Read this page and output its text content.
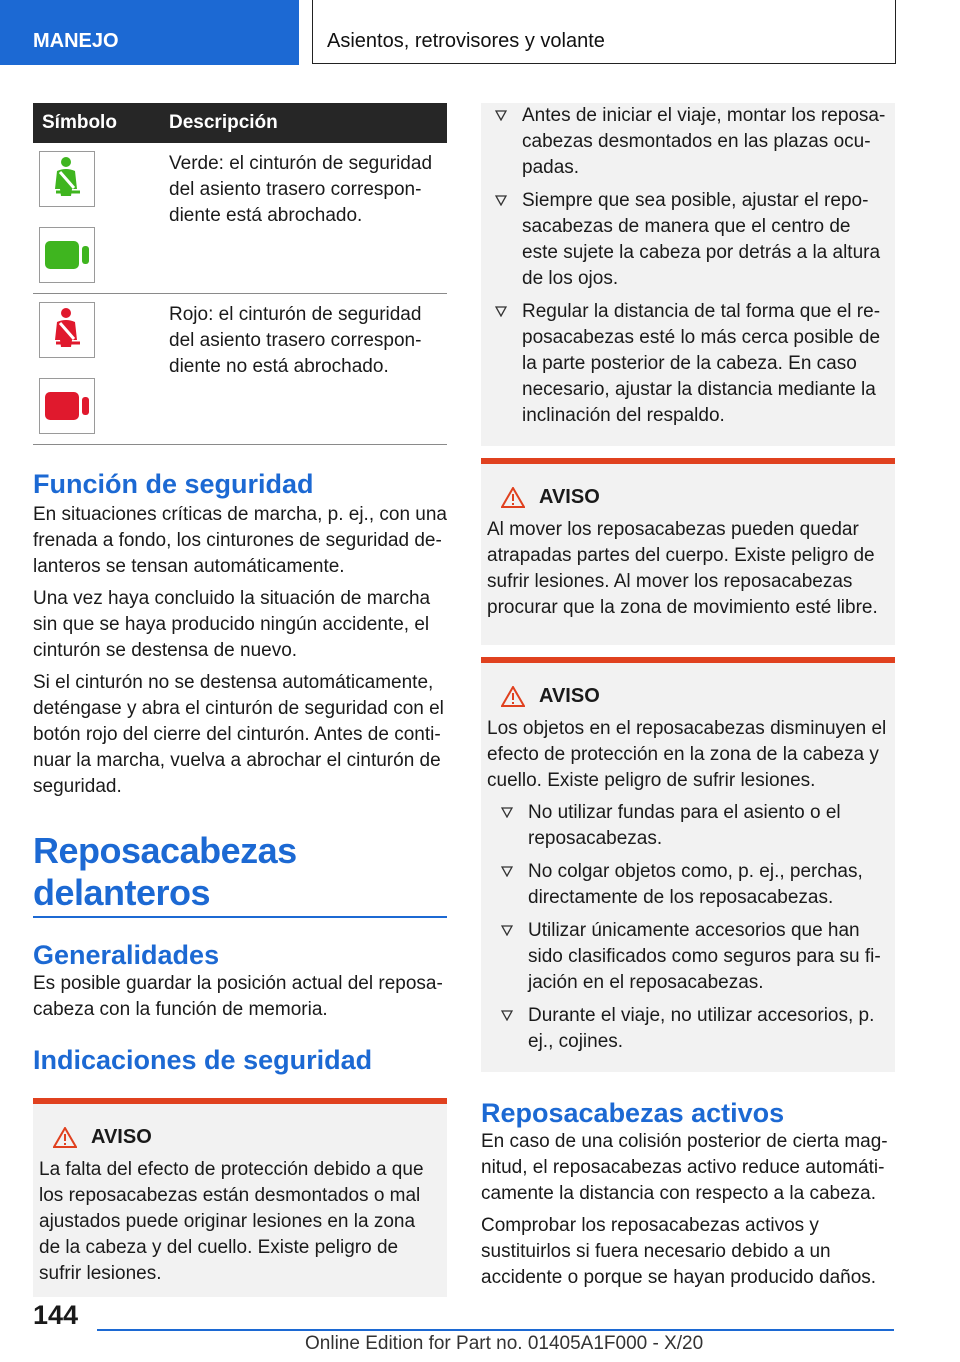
MANEJO	Asientos, retrovisores y volante
Símbolo	Descripción

	Verde: el cinturón de seguridad del asiento trasero correspondiente está abrochado.

	Rojo: el cinturón de seguridad del asiento trasero correspondiente no está abrochado.
Función de seguridad

En situaciones críticas de marcha, p. ej., con una frenada a fondo, los cinturones de seguridad delanteros se tensan automáticamente.

Una vez haya concluido la situación de marcha sin que se haya producido ningún accidente, el cinturón se destensa de nuevo.

Si el cinturón no se destensa automáticamente, deténgase y abra el cinturón de seguridad con el botón rojo del cierre del cinturón. Antes de continuar la marcha, vuelva a abrochar el cinturón de seguridad.

Reposacabezas delanteros
Generalidades

Es posible guardar la posición actual del reposacabeza con la función de memoria.

Indicaciones de seguridad
AVISO

La falta del efecto de protección debido a que los reposacabezas están desmontados o mal ajustados puede originar lesiones en la zona de la cabeza y del cuello. Existe peligro de sufrir lesiones.

Antes de iniciar el viaje, montar los reposacabezas desmontados en las plazas ocupadas.
Siempre que sea posible, ajustar el reposacabezas de manera que el centro de este sujete la cabeza por detrás a la altura de los ojos.
Regular la distancia de tal forma que el reposacabezas esté lo más cerca posible de la parte posterior de la cabeza. En caso necesario, ajustar la distancia mediante la inclinación del respaldo.
AVISO

Al mover los reposacabezas pueden quedar atrapadas partes del cuerpo. Existe peligro de sufrir lesiones. Al mover los reposacabezas procurar que la zona de movimiento esté libre.

AVISO

Los objetos en el reposacabezas disminuyen el efecto de protección en la zona de la cabeza y cuello. Existe peligro de sufrir lesiones.

No utilizar fundas para el asiento o el reposacabezas.
No colgar objetos como, p. ej., perchas, directamente de los reposacabezas.
Utilizar únicamente accesorios que han sido clasificados como seguros para su fijación en el reposacabezas.
Durante el viaje, no utilizar accesorios, p. ej., cojines.
Reposacabezas activos

En caso de una colisión posterior de cierta magnitud, el reposacabezas activo reduce automáticamente la distancia con respecto a la cabeza.

Comprobar los reposacabezas activos y sustituirlos si fuera necesario debido a un accidente o porque se hayan producido daños.

144
Online Edition for Part no. 01405A1F000 - X/20
